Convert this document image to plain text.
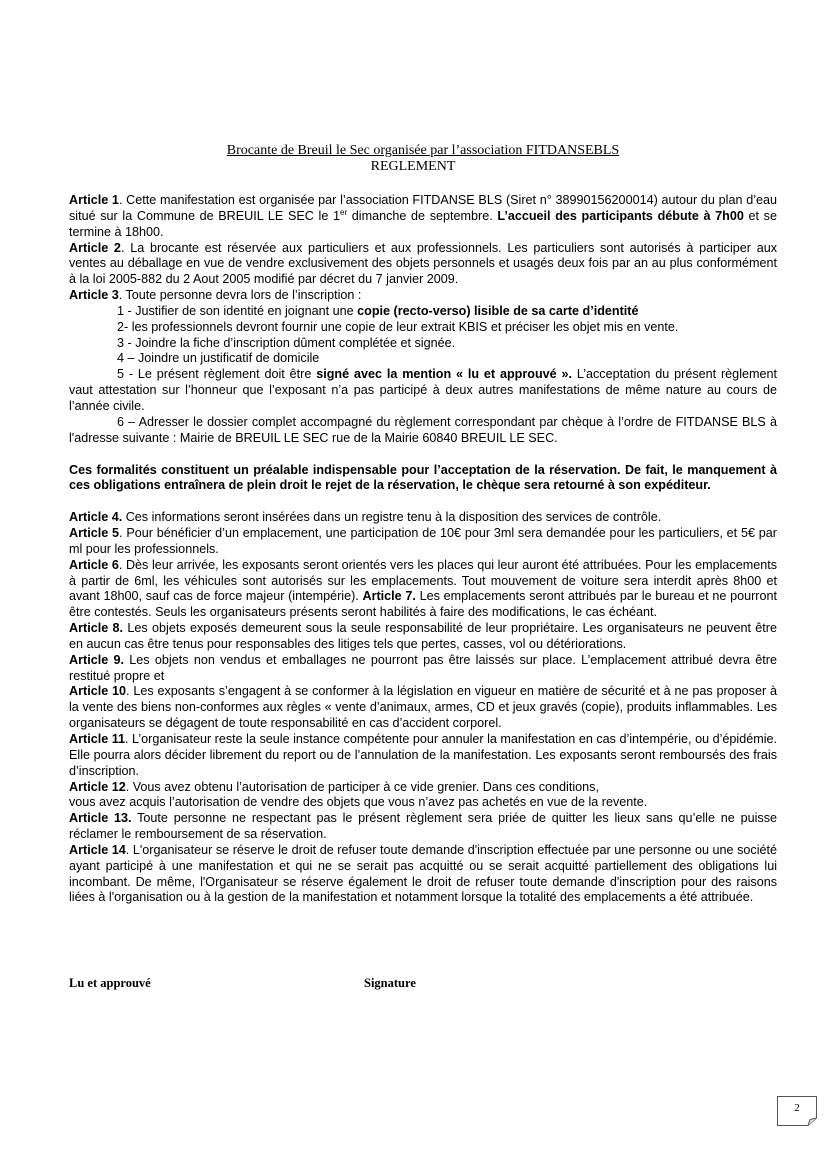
Brocante de Breuil le Sec organisée par l’association FITDANSEBLS
REGLEMENT

Article 1. Cette manifestation est organisée par l’association FITDANSE BLS (Siret n° 38990156200014) autour du plan d’eau situé sur la Commune de BREUIL LE SEC le 1er dimanche de septembre. L’accueil des participants débute à 7h00 et se termine à 18h00.

Article 2. La brocante est réservée aux particuliers et aux professionnels. Les particuliers sont autorisés à participer aux ventes au déballage en vue de vendre exclusivement des objets personnels et usagés deux fois par an au plus conformément à la loi 2005-882 du 2 Aout 2005 modifié par décret du 7 janvier 2009.

Article 3. Toute personne devra lors de l’inscription :

1 - Justifier de son identité en joignant une copie (recto-verso) lisible de sa carte d’identité

2- les professionnels devront fournir une copie de leur extrait KBIS et préciser les objet mis en vente.

3 - Joindre la fiche d’inscription dûment complétée et signée.

4 – Joindre un justificatif de domicile

5 - Le présent règlement doit être signé avec la mention « lu et approuvé ». L’acceptation du présent règlement vaut attestation sur l’honneur que l’exposant n’a pas participé à deux autres manifestations de même nature au cours de l’année civile.

6 – Adresser le dossier complet accompagné du règlement correspondant par chèque à l’ordre de FITDANSE BLS à l'adresse suivante : Mairie de BREUIL LE SEC rue de la Mairie 60840 BREUIL LE SEC.

Ces formalités constituent un préalable indispensable pour l’acceptation de la réservation. De fait, le manquement à ces obligations entraînera de plein droit le rejet de la réservation, le chèque sera retourné à son expéditeur.

Article 4. Ces informations seront insérées dans un registre tenu à la disposition des services de contrôle.

Article 5. Pour bénéficier d’un emplacement, une participation de 10€ pour 3ml sera demandée pour les particuliers, et 5€ par ml pour les professionnels.

Article 6. Dès leur arrivée, les exposants seront orientés vers les places qui leur auront été attribuées. Pour les emplacements à partir de 6ml, les véhicules sont autorisés sur les emplacements. Tout mouvement de voiture sera interdit après 8h00 et avant 18h00, sauf cas de force majeur (intempérie). Article 7. Les emplacements seront attribués par le bureau et ne pourront être contestés. Seuls les organisateurs présents seront habilités à faire des modifications, le cas échéant.

Article 8. Les objets exposés demeurent sous la seule responsabilité de leur propriétaire. Les organisateurs ne peuvent être en aucun cas être tenus pour responsables des litiges tels que pertes, casses, vol ou détériorations.

Article 9. Les objets non vendus et emballages ne pourront pas être laissés sur place. L’emplacement attribué devra être restitué propre et

Article 10. Les exposants s’engagent à se conformer à la législation en vigueur en matière de sécurité et à ne pas proposer à la vente des biens non-conformes aux règles « vente d’animaux, armes, CD et jeux gravés (copie), produits inflammables. Les organisateurs se dégagent de toute responsabilité en cas d’accident corporel.

Article 11. L’organisateur reste la seule instance compétente pour annuler la manifestation en cas d’intempérie, ou d’épidémie. Elle pourra alors décider librement du report ou de l’annulation de la manifestation. Les exposants seront remboursés des frais d’inscription.

Article 12. Vous avez obtenu l’autorisation de participer à ce vide grenier. Dans ces conditions,

vous avez acquis l’autorisation de vendre des objets que vous n’avez pas achetés en vue de la revente.

Article 13. Toute personne ne respectant pas le présent règlement sera priée de quitter les lieux sans qu’elle ne puisse réclamer le remboursement de sa réservation.

Article 14. L'organisateur se réserve le droit de refuser toute demande d'inscription effectuée par une personne ou une société ayant participé à une manifestation et qui ne se serait pas acquitté ou se serait acquitté partiellement des obligations lui incombant. De même, l'Organisateur se réserve également le droit de refuser toute demande d'inscription pour des raisons liées à l'organisation ou à la gestion de la manifestation et notamment lorsque la totalité des emplacements a été attribuée.

Lu et approuvé	Signature
2
